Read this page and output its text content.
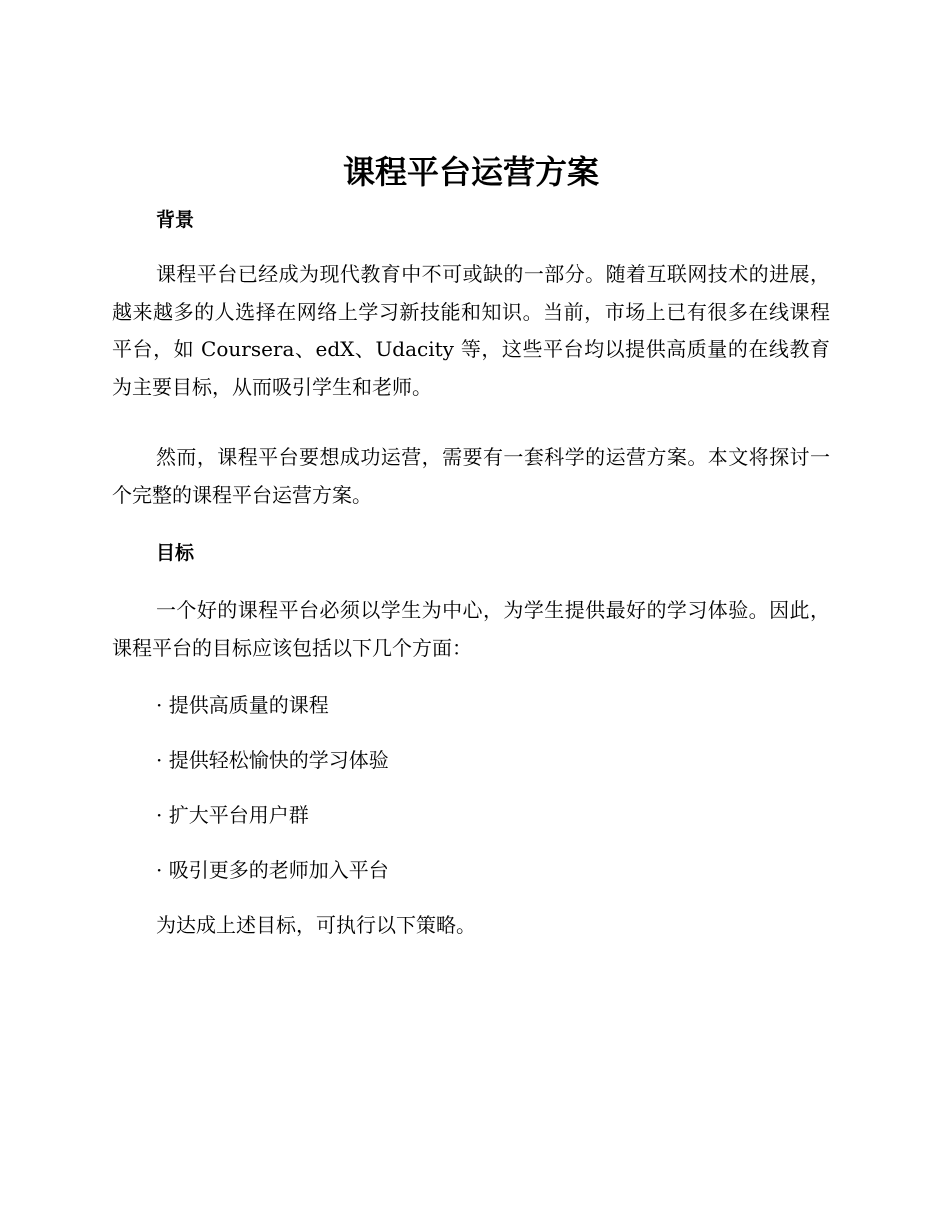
课程平台运营方案
背景

课程平台已经成为现代教育中不可或缺的一部分。随着互联网技术的进展，越来越多的人选择在网络上学习新技能和知识。当前，市场上已有很多在线课程平台，如 Coursera、edX、Udacity 等，这些平台均以提供高质量的在线教育为主要目标，从而吸引学生和老师。

然而，课程平台要想成功运营，需要有一套科学的运营方案。本文将探讨一个完整的课程平台运营方案。

目标

一个好的课程平台必须以学生为中心，为学生提供最好的学习体验。因此，课程平台的目标应该包括以下几个方面：

· 提供高质量的课程

· 提供轻松愉快的学习体验

· 扩大平台用户群

· 吸引更多的老师加入平台

为达成上述目标，可执行以下策略。
